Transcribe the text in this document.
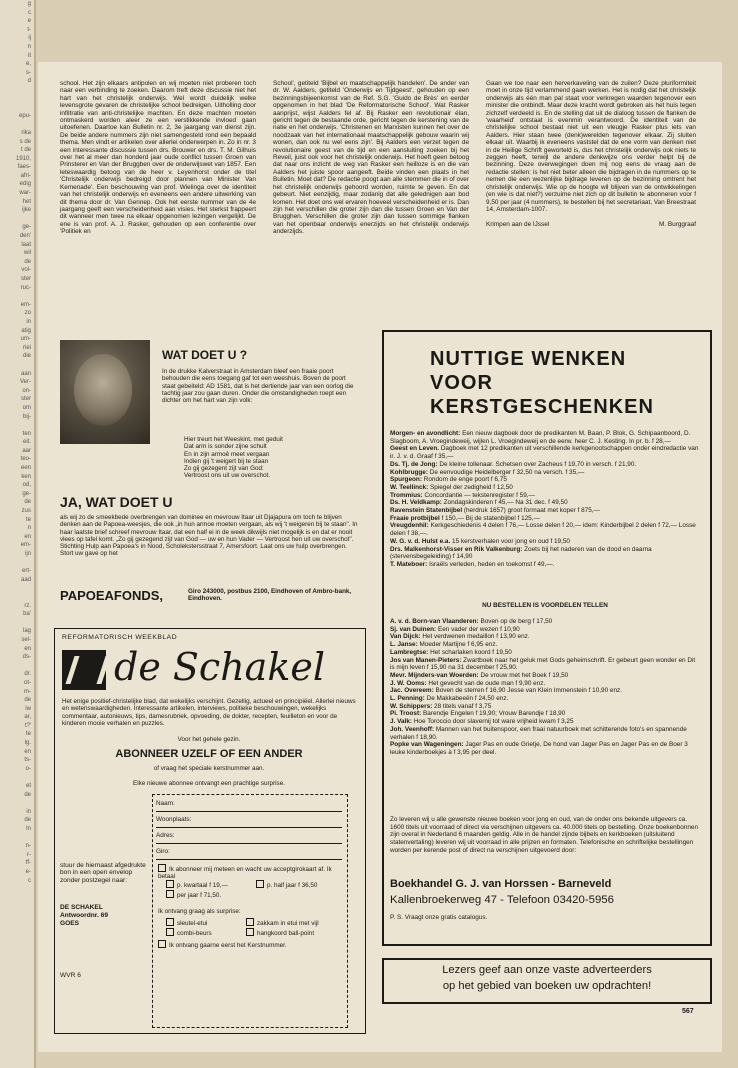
g
c
e
t-
ij
n
it
e,
s-
d
epu-
rika
s de
t de
1910,
faes-
afri-
edig
war-
het
ijke
ge-
den'
laat
wil
de
vol-
ster
ruc-
em-
zo
in
atig
um-
riei
die
aan
Ver-
on-
ster
om
bij-
ten
eit.
aar
teo-
een
ken
od,
ge-
de
zus
te
n
en
em-
ijn
ert-
aad
rz.
ba'
lag
sel-
en
ds-
dr.
ot-
m-
de
iw
ar,
t?'
te
lg.
en
ts-
o-
et
de
in
de
In
n-
r-
ff-
e-
c

school. Het zijn elkaars antipolen en wij moeten niet proberen toch naar een verbinding te zoeken. Daarom treft deze discussie niet het hart van het christelijk onderwijs. Wel wordt duidelijk welke levensgrote gevaren de christelijke school bedreigen. Uitholling door infiltratie van anti-christelijke machten. En deze machten moeten ontmaskerd worden aleer ze een verstikkende invloed gaan uitoefenen. Daartoe kan Bulletin nr. 2, 3e jaargang van dienst zijn. De beide andere nummers zijn niet samengesteld rond een bepaald thema. Men vindt er artikelen over allerlei onderwerpen in. Zo in nr. 3 een interessante discussie tussen drs. Brouwer en drs. T. M. Gilhuis over het al meer dan honderd jaar oude conflict tussen Groen van Prinsterer en Van der Bruggben over de onderwijswet van 1857. Een leteswaardig betoog van de heer v. Leyenhorst onder de titel 'Christelijk onderwijs bedreigd door plannen van Minister Van Kemenade'. Een beschouwing van prof. Wielinga over de identiteit van het christelijk onderwijs en eveneens een andere uitwerking van dit thema door dr. Van Gennep. Ook het eerste nummer van de 4e jaargang geeft een verscheidenheid aan visies. Het sterkst frappeert dit wanneer men twee na elkaar opgenomen lezingen vergelijkt. De ene is van prof. A. J. Rasker, gehouden op een conferentie over 'Politiek en

School', getiteld 'Bijbel en maatschappelijk handelen'. De ander van dr. W. Aalders, getiteld 'Onderwijs en Tijdgeest', gehouden op een bezinningsbijeenkomst van de Ref. S.G. 'Guido de Brès' en eerder opgenomen in het blad 'De Reformatorische School'. Wat Rasker aanprijst, wijst Aalders fel af. Bij Rasker een revolutionair élan, gericht tegen de bestaande orde, gericht tegen de kerstening van de natie en het onderwijs. 'Christenen en Marxisten kunnen het over de noodzaak van het internationaal maatschappelijk gebouw waarin wij wonen, dan ook nu wel eens zijn'. Bij Aalders een verzet tegen de revolutionaire geest van de tijd en een aansluiting zoeken bij het Reveil, juist ook voor het christelijk onderwijs. Het hoeft geen betoog dat naar ons inzicht de weg van Rasker een heilloze is en die van Aalders het juiste spoor aangeeft. Beide vinden een plaats in het Bulletin. Moet dat? De redactie poogt aan alle stemmen die in of over het christelijk onderwijs gehoord worden, ruimte te geven. En dat gebeurt. Niet eenzijdig, maar zodanig dat alle gelednigen aan bod komen. Het doet ons wel ervaren hoeveel verscheidenheid er is. Dan zijn het verschillen die groter zijn dan die tussen Groen en Van der Brugghen. Verschillen die groter zijn dan tussen sommige flanken van het openbaar onderwijs enerzijds en het christelijk onderwijs anderzijds.

Gaan we toe naar een herverkaveling van de zuilen? Deze pluriformiteit moet in onze tijd verlammend gaan werken. Het is nodig dat het christelijk onderwijs als één man pal staat voor verkregen waarden tegenover een minister die ontbindt. Maar deze kracht wordt gebroken als het huis tegen zichzelf verdeeld is. En de stelling dat uit de dialoog tussen de flanken de 'waarheid' ontstaat is evenmin verantwoord. De identiteit van de christelijke school bestaat niet uit een vleugje Rasker plus iets van Aalders. Hier staan twee (denk)werelden tegenover elkaar. Zij sluiten elkaar uit. Waarbij ik eveneens vaststel dat de ene vorm van denken niet in de Heilige Schrift geworteld is, dus het christelijk onderwijs ook niets te zeggen heeft, terwijl de andere denkwijze ons verder helpt bij de bezinning. Deze overwegingen doen mij nog eens de vraag aan de redactie stellen: is het niet beter alleen die bijdragen in de nummers op te nemen die een wezenlijke bijdrage leveren op de bezinning omtrent het christelijk onderwijs. Wie op de hoogte wil blijven van de ontwikkelingen (en wie is dat niet?) verzuime niet zich op dit bulletin te abonneren voor f 9,50 per jaar (4 nummers), te bestellen bij het secretariaat, Van Breestraat 14, Amsterdam-1007.

Krimpen aan de IJssel	M. Burggraaf
WAT DOET U ?
In de drukke Kalverstraat in Amsterdam bleef een fraaie poort behouden die eens toegang gaf tot een weeshuis. Boven de poort staat gebeiteld: AD 1581, dat is het dertiende jaar van een oorlog die tachtig jaar zou gaan duren. Onder die omstandigheden roept een dichter om het hart van zijn volk:
Hier treurt het Weeskint, met geduit
Dat arm is sonder zijne schult
En in zijn armoê meet vergaan
Indien gij 't weigert bij te staan
Zo gij gezegent zijt van God:
Vertroost ons uit uw overschot.
JA, WAT DOET U
als wij zo de smeekbede overbrengen van dominee en mevrouw Itaar uit Djajapura om toch te blijven denken aan de Papoea-weesjes, die ook „in hun armoe moeten vergaan, als wij 't weigeren bij te staan". In haar laatste brief schreef mevrouw Itaar, dat een half ei in de week dikwijls niet mogelijk is en dat er nooit vlees op tafel komt. „Zo gij gezegend zijt van God — uw en hun Vader — Vertroost hen uit uw overschot". Stichting Hulp aan Papoea's in Nood, Scholekstersstraat 7, Amersfoort. Laat ons uw hulp overbrengen. Stort uw gave op het
PAPOEAFONDS,	Giro 243000, postbus 2100, Eindhoven of Ambro-bank, Eindhoven.
REFORMATORISCH WEEKBLAD
de Schakel
Het enige positief-christelijke blad, dat wekelijks verschijnt. Gezellig, actueel en principiëel. Allerlei nieuws en wetenswaardigheden. Interessante artikelen, interviews, politieke beschouwingen, wekelijks commentaar, autonieuws, tips, damesrubriek, opvoeding, de dokter, recepten, feuilleton en voor de kinderen mooie verhalen en puzzles.
Voor het gehele gezin.
ABONNEER UZELF OF EEN ANDER
of vraag het speciale kerstnummer aan.
Elke nieuwe abonnee ontvangt een prachtige surprise.
Naam:
Woonplaats:
Adres:
Giro:
Ik abonneer mij meteen en wacht uw acceptgirokaart af. Ik betaal
p. kwartaal f 19,—	p. half jaar f 36,50
per jaar f 71,50.
Ik ontvang graag als surprise:
sleutel-etui	zakkam in etui met vijl
combi-beurs	hangkoord ball-point
Ik ontvang gaarne eerst het Kerstnummer.
stuur de hiernaast afgedrukte bon in een open envelop zonder postzegel naar:
DE SCHAKEL
Antwoordnr. 69
GOES
WVR 6
NUTTIGE WENKEN VOOR KERSTGESCHENKEN
Morgen- en avondlicht: Een nieuw dagboek door de predikanten M. Baan, P. Blok, G. Schipaanboord, D. Slagboom, A. Vroegindeweij, wijlen L. Vroegindeweij en de eerw. heer C. J. Kesting. In pr. b. f 28,—
Geest en Leven. Dagboek met 12 predikanten uit verschillende kerkgenootschappen onder eindredactie van ir. J. v. d. Graaf f 35,—
Ds. Tj. de Jong: De kleine tollenaar. Schetsen over Zacheus f 19,70 in versch. f 21,90.
Kohlbrugge: De eenvoudige Heidelberger f 32,50 na versch. f 35,—
Spurgeon: Rondom de enge poort f 6,75
W. Teellinck: Spiegel der zedigheid f 12,50
Trommius: Concordantie — tekstenregister f 59,—
Ds. H. Veldkamp: Zondagskinderen f 45,— Na 31 dec. f 49,50
Ravenstein Statenbijbel (herdruk 1657) groot formaat met koper f 875,—
Fraaie protbijbel f 150,— Bij de statenbijbel f 125,—
Vreugdenhil: Kerkgeschiedenis 4 delen f 76,— Losse delen f 20,— idem: Kinderbijbel 2 delen f 72,— Losse delen f 38,—.
W. G. v. d. Hulst e.a. 15 kerstverhalen voor jong en oud f 19,50
Drs. Malkenhorst-Visser en Rik Valkenburg: Zoets bij het naderen van de dood en daarna (stervensbegeleiding) f 14,90
T. Mateboer: Israëls verleden, heden en toekomst f 49,—.
NU BESTELLEN IS VOORDELEN TELLEN
A. v. d. Born-van Vlaanderen: Boven op de berg f 17,50
Sj. van Duinen: Een vader der wezen f 10,90
Van Dijck: Het verdwenen medaillon f 13,90 enz.
L. Janse: Moeder Martijne f 6,95 enz.
Lambregtse: Het scharlaken koord f 19,50
Jos van Manen-Pieters: Zwartboek naar het geluk met Gods geheimschrift. Er gebeurt geen wonder en Dit is mijn leven f 15,90 na 31 december f 25,90.
Mevr. Mijnders-van Woerden: De vrouw met het Boek f 19,50
J. W. Ooms: Het gevecht van de oude man f 9,90 enz.
Jac. Overeem: Boven de sterren f 16,90 Jesse van Klein Immenstein f 10,90 enz.
L. Penning: De Makkabeeën f 24,50 enz.
W. Schippers: 28 titels vanaf f 3,75
Pi. Troost: Barendje Engelen f 19,90; Vrouw Barendje f 18,90
J. Valk: Hoe Toroccio door slavernij tot ware vrijheid kwam f 3,25
Joh. Veenhoff: Mannen van het buitenspoor, een fraai natuurboek met schitterende foto's en spannende verhalen f 18,90.
Popke van Wageningen: Jager Pas en oude Grietje, De hond van Jager Pas en Jager Pas en de Boer 3 leuke kinderboekjes à f 3,95 per deel.
Zo leveren wij u alle gewenste nieuwe boeken voor jong en oud, van de onder ons bekende uitgevers ca. 1600 titels uit voorraad of direct via verschijnen uitgevers ca. 40.000 titels op bestelling. Onze boekenbonnen zijn overal in Nederland 6 maanden geldig. Alle in de handel zijnde bijbels en kerkboeken (uitsluitend statenvertaling) leveren wij uit voorraad in alle prijzen en formaten. Telefonische en schriftelijke bestellingen worden per kerende post of direct na verschijnen uitgevoerd door:
Boekhandel G. J. van Horssen - Barneveld
Kallenbroekerweg 47 - Telefoon 03420-5956
P. S. Vraagt onze gratis catalogus.
Lezers geef aan onze vaste adverteerders
op het gebied van boeken uw opdrachten!
567
